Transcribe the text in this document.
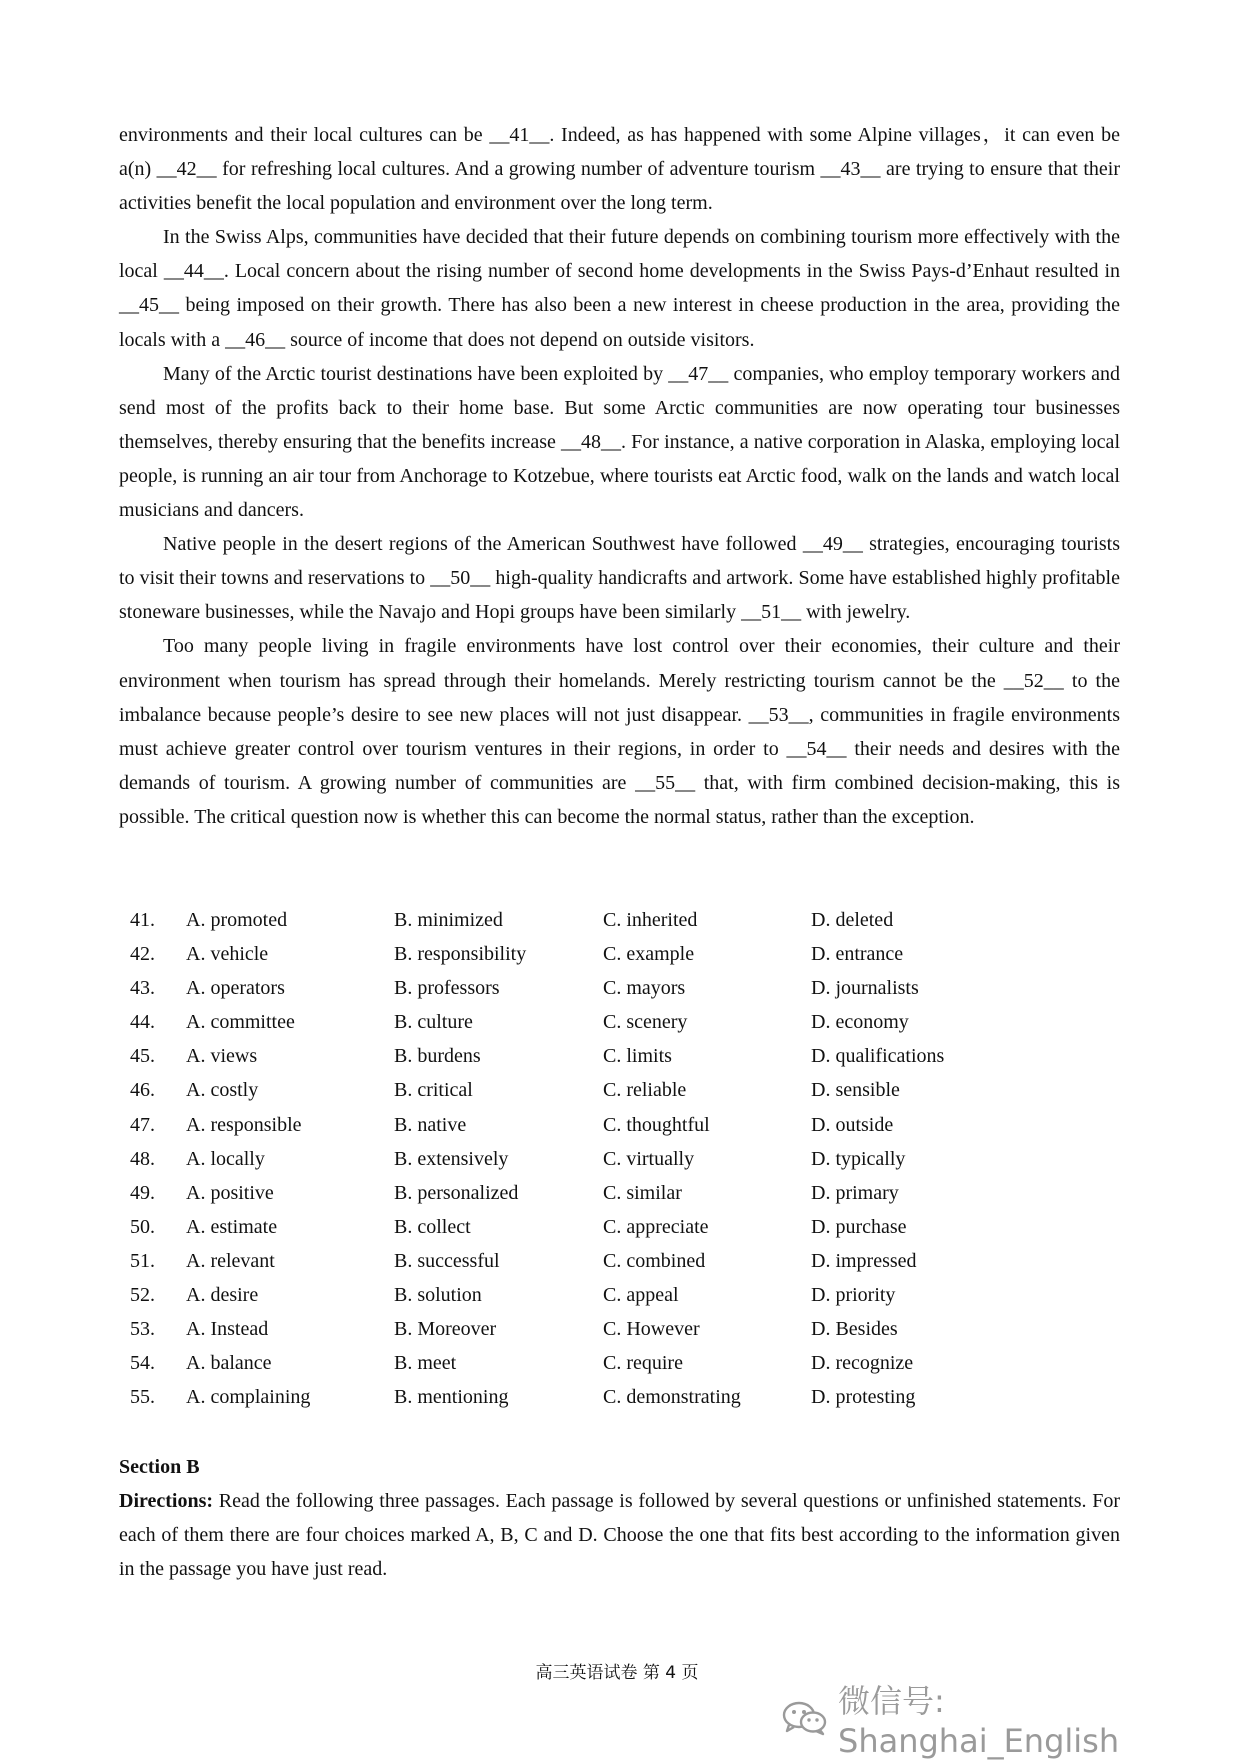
environments and their local cultures can be __41__. Indeed, as has happened with some Alpine villages，it can even be a(n) __42__ for refreshing local cultures. And a growing number of adventure tourism __43__ are trying to ensure that their activities benefit the local population and environment over the long term.

In the Swiss Alps, communities have decided that their future depends on combining tourism more effectively with the local __44__. Local concern about the rising number of second home developments in the Swiss Pays-d’Enhaut resulted in __45__ being imposed on their growth. There has also been a new interest in cheese production in the area, providing the locals with a __46__ source of income that does not depend on outside visitors.

Many of the Arctic tourist destinations have been exploited by __47__ companies, who employ temporary workers and send most of the profits back to their home base. But some Arctic communities are now operating tour businesses themselves, thereby ensuring that the benefits increase __48__. For instance, a native corporation in Alaska, employing local people, is running an air tour from Anchorage to Kotzebue, where tourists eat Arctic food, walk on the lands and watch local musicians and dancers.

Native people in the desert regions of the American Southwest have followed __49__ strategies, encouraging tourists to visit their towns and reservations to __50__ high-quality handicrafts and artwork. Some have established highly profitable stoneware businesses, while the Navajo and Hopi groups have been similarly __51__ with jewelry.

Too many people living in fragile environments have lost control over their economies, their culture and their environment when tourism has spread through their homelands. Merely restricting tourism cannot be the __52__ to the imbalance because people’s desire to see new places will not just disappear. __53__, communities in fragile environments must achieve greater control over tourism ventures in their regions, in order to __54__ their needs and desires with the demands of tourism. A growing number of communities are __55__ that, with firm combined decision-making, this is possible. The critical question now is whether this can become the normal status, rather than the exception.

41. A. promoted	B. minimized	C. inherited	D. deleted
42. A. vehicle	B. responsibility	C. example	D. entrance
43. A. operators	B. professors	C. mayors	D. journalists
44. A. committee	B. culture	C. scenery	D. economy
45. A. views	B. burdens	C. limits	D. qualifications
46. A. costly	B. critical	C. reliable	D. sensible
47. A. responsible	B. native	C. thoughtful	D. outside
48. A. locally	B. extensively	C. virtually	D. typically
49. A. positive	B. personalized	C. similar	D. primary
50. A. estimate	B. collect	C. appreciate	D. purchase
51. A. relevant	B. successful	C. combined	D. impressed
52. A. desire	B. solution	C. appeal	D. priority
53. A. Instead	B. Moreover	C. However	D. Besides
54. A. balance	B. meet	C. require	D. recognize
55. A. complaining	B. mentioning	C. demonstrating	D. protesting

Section B

Directions: Read the following three passages. Each passage is followed by several questions or unfinished statements. For each of them there are four choices marked A, B, C and D. Choose the one that fits best according to the information given in the passage you have just read.

高三英语试卷 第 4 页
微信号: Shanghai_English
